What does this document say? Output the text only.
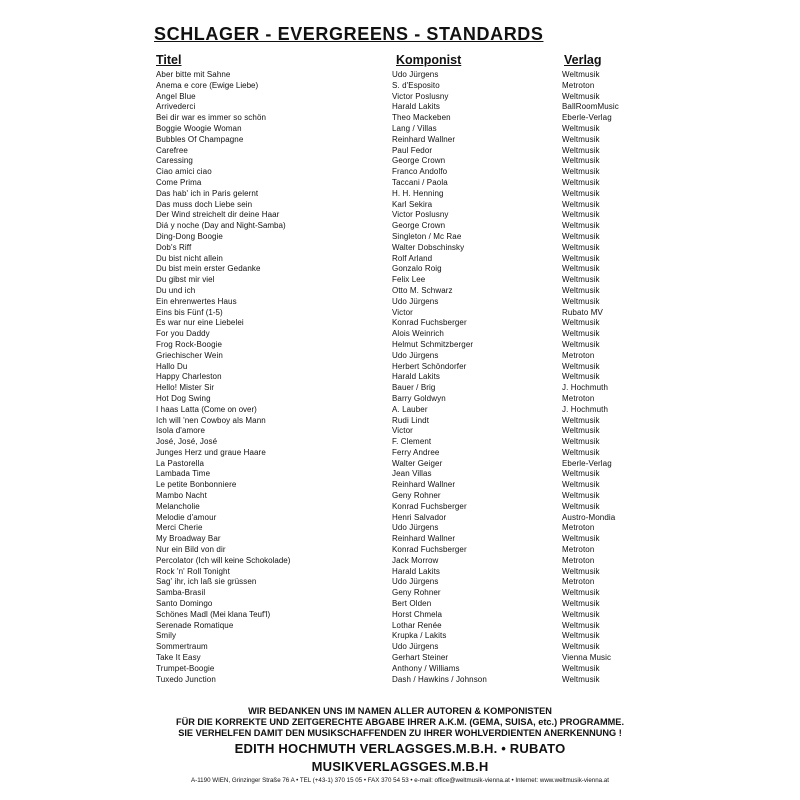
SCHLAGER - EVERGREENS - STANDARDS
Titel	Komponist	Verlag
Aber bitte mit Sahne	Udo Jürgens	Weltmusik
Anema e core (Ewige Liebe)	S. d'Esposito	Metroton
Angel Blue	Victor Poslusny	Weltmusik
Arrivederci	Harald Lakits	BallRoomMusic
Bei dir war es immer so schön	Theo Mackeben	Eberle-Verlag
Boggie Woogie Woman	Lang / Villas	Weltmusik
Bubbles Of Champagne	Reinhard Wallner	Weltmusik
Carefree	Paul Fedor	Weltmusik
Caressing	George Crown	Weltmusik
Ciao amici ciao	Franco Andolfo	Weltmusik
Come Prima	Taccani / Paola	Weltmusik
Das hab' ich in Paris gelernt	H. H. Henning	Weltmusik
Das muss doch Liebe sein	Karl Sekira	Weltmusik
Der Wind streichelt dir deine Haar	Victor Poslusny	Weltmusik
Diá y noche (Day and Night-Samba)	George Crown	Weltmusik
Ding-Dong Boogie	Singleton / Mc Rae	Weltmusik
Dob's Riff	Walter Dobschinsky	Weltmusik
Du bist nicht allein	Rolf Arland	Weltmusik
Du bist mein erster Gedanke	Gonzalo Roig	Weltmusik
Du gibst mir viel	Felix Lee	Weltmusik
Du und ich	Otto M. Schwarz	Weltmusik
Ein ehrenwertes Haus	Udo Jürgens	Weltmusik
Eins bis Fünf (1-5)	Victor	Rubato MV
Es war nur eine Liebelei	Konrad Fuchsberger	Weltmusik
For you Daddy	Alois Weinrich	Weltmusik
Frog Rock-Boogie	Helmut Schmitzberger	Weltmusik
Griechischer Wein	Udo Jürgens	Metroton
Hallo Du	Herbert Schöndorfer	Weltmusik
Happy Charleston	Harald Lakits	Weltmusik
Hello! Mister Sir	Bauer / Brig	J. Hochmuth
Hot Dog Swing	Barry Goldwyn	Metroton
I haas Latta (Come on over)	A. Lauber	J. Hochmuth
Ich will 'nen Cowboy als Mann	Rudi Lindt	Weltmusik
Isola d'amore	Victor	Weltmusik
José, José, José	F. Clement	Weltmusik
Junges Herz und graue Haare	Ferry Andree	Weltmusik
La Pastorella	Walter Geiger	Eberle-Verlag
Lambada Time	Jean Villas	Weltmusik
Le petite Bonbonniere	Reinhard Wallner	Weltmusik
Mambo Nacht	Geny Rohner	Weltmusik
Melancholie	Konrad Fuchsberger	Weltmusik
Melodie d'amour	Henri Salvador	Austro-Mondia
Merci Cherie	Udo Jürgens	Metroton
My Broadway Bar	Reinhard Wallner	Weltmusik
Nur ein Bild von dir	Konrad Fuchsberger	Metroton
Percolator (Ich will keine Schokolade)	Jack Morrow	Metroton
Rock 'n' Roll Tonight	Harald Lakits	Weltmusik
Sag' ihr, ich laß sie grüssen	Udo Jürgens	Metroton
Samba-Brasil	Geny Rohner	Weltmusik
Santo Domingo	Bert Olden	Weltmusik
Schönes Madl (Mei klana Teuf'l)	Horst Chmela	Weltmusik
Serenade Romatique	Lothar Renée	Weltmusik
Smily	Krupka / Lakits	Weltmusik
Sommertraum	Udo Jürgens	Weltmusik
Take It Easy	Gerhart Steiner	Vienna Music
Trumpet-Boogie	Anthony / Williams	Weltmusik
Tuxedo Junction	Dash / Hawkins / Johnson	Weltmusik
WIR BEDANKEN UNS IM NAMEN ALLER AUTOREN & KOMPONISTEN
FÜR DIE KORREKTE UND ZEITGERECHTE ABGABE IHRER A.K.M. (GEMA, SUISA, etc.) PROGRAMME.
SIE VERHELFEN DAMIT DEN MUSIKSCHAFFENDEN ZU IHRER WOHLVERDIENTEN ANERKENNUNG !
EDITH HOCHMUTH VERLAGSGES.M.B.H. • RUBATO MUSIKVERLAGSGES.M.B.H
A-1190 WIEN, Grinzinger Straße 76 A • TEL (+43-1) 370 15 05 • FAX 370 54 53 • e-mail: office@weltmusik-vienna.at • Internet: www.weltmusik-vienna.at
